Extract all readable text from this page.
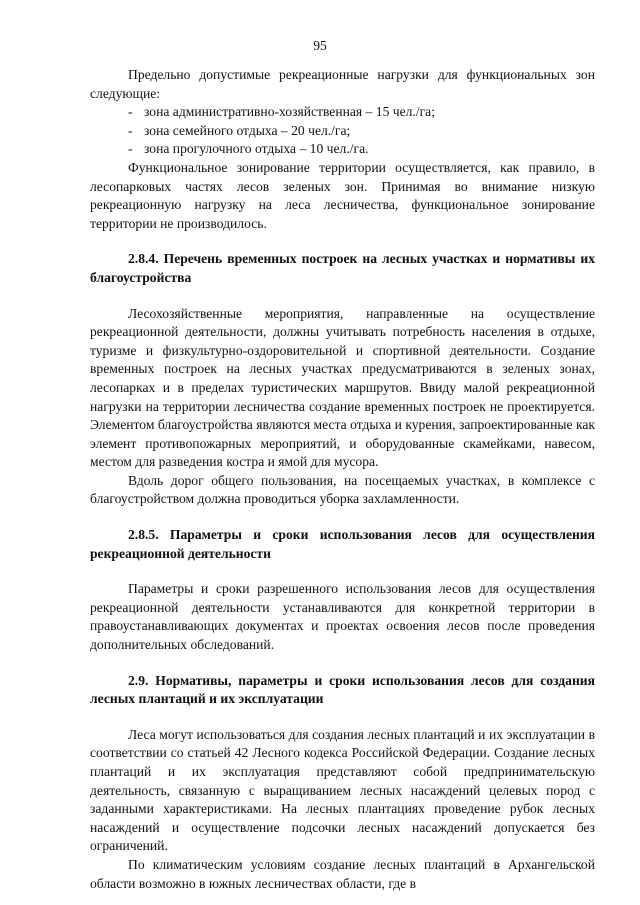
95

Предельно допустимые рекреационные нагрузки для функциональных зон следующие:

- зона административно-хозяйственная – 15 чел./га;
- зона семейного отдыха – 20 чел./га;
- зона прогулочного отдыха – 10 чел./га.

Функциональное зонирование территории осуществляется, как правило, в лесопарковых частях лесов зеленых зон. Принимая во внимание низкую рекреационную нагрузку на леса лесничества, функциональное зонирование территории не производилось.

2.8.4. Перечень временных построек на лесных участках и нормативы их благоустройства

Лесохозяйственные мероприятия, направленные на осуществление рекреационной деятельности, должны учитывать потребность населения в отдыхе, туризме и физкультурно-оздоровительной и спортивной деятельности. Создание временных построек на лесных участках предусматриваются в зеленых зонах, лесопарках и в пределах туристических маршрутов. Ввиду малой рекреационной нагрузки на территории лесничества создание временных построек не проектируется. Элементом благоустройства являются места отдыха и курения, запроектированные как элемент противопожарных мероприятий, и оборудованные скамейками, навесом, местом для разведения костра и ямой для мусора.

Вдоль дорог общего пользования, на посещаемых участках, в комплексе с благоустройством должна проводиться уборка захламленности.

2.8.5. Параметры и сроки использования лесов для осуществления рекреационной деятельности

Параметры и сроки разрешенного использования лесов для осуществления рекреационной деятельности устанавливаются для конкретной территории в правоустанавливающих документах и проектах освоения лесов после проведения дополнительных обследований.

2.9. Нормативы, параметры и сроки использования лесов для создания лесных плантаций и их эксплуатации

Леса могут использоваться для создания лесных плантаций и их эксплуатации в соответствии со статьей 42 Лесного кодекса Российской Федерации. Создание лесных плантаций и их эксплуатация представляют собой предпринимательскую деятельность, связанную с выращиванием лесных насаждений целевых пород с заданными характеристиками. На лесных плантациях проведение рубок лесных насаждений и осуществление подсочки лесных насаждений допускается без ограничений.

По климатическим условиям создание лесных плантаций в Архангельской области возможно в южных лесничествах области, где в
